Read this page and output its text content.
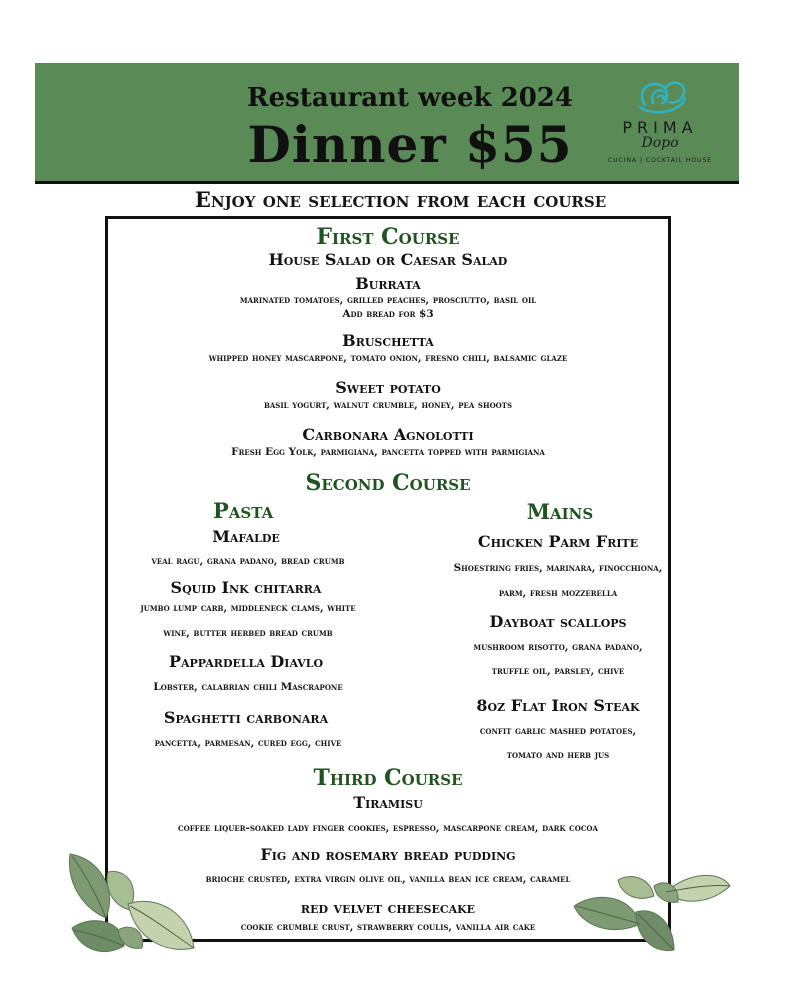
Restaurant week 2024
Dinner $55	PRIMA
Dopo
CUCINA | COCKTAIL HOUSE
Enjoy one selection from each course
First Course
House Salad or Caesar Salad
Burrata
marinated tomatoes, grilled peaches, prosciutto, basil oil
Add bread for $3
Bruschetta
whipped honey mascarpone, tomato onion, fresno chili, balsamic glaze
Sweet potato
basil yogurt, walnut crumble, honey, pea shoots
Carbonara Agnolotti
Fresh Egg Yolk, parmigiana, pancetta topped with parmigiana
Second Course
Pasta	Mains
Mafalde
veal ragu, grana padano, bread crumb
Squid Ink chitarra
jumbo lump carb, middleneck clams, white
wine, butter herbed bread crumb
Pappardella Diavlo
Lobster, calabrian chili Mascrapone
Spaghetti carbonara
pancetta, parmesan, cured egg, chive
Chicken Parm Frite
Shoestring fries, marinara, finocchiona,
parm, fresh mozzerella
Dayboat scallops
mushroom risotto, grana padano,
truffle oil, parsley, chive
8oz Flat Iron Steak
confit garlic mashed potatoes,
tomato and herb jus
Third Course
Tiramisu
coffee liquer-soaked lady finger cookies, espresso, mascarpone cream, dark cocoa
Fig and rosemary bread pudding
brioche crusted, extra virgin olive oil, vanilla bean ice cream, caramel
red velvet cheesecake
cookie crumble crust, strawberry coulis, vanilla air cake
